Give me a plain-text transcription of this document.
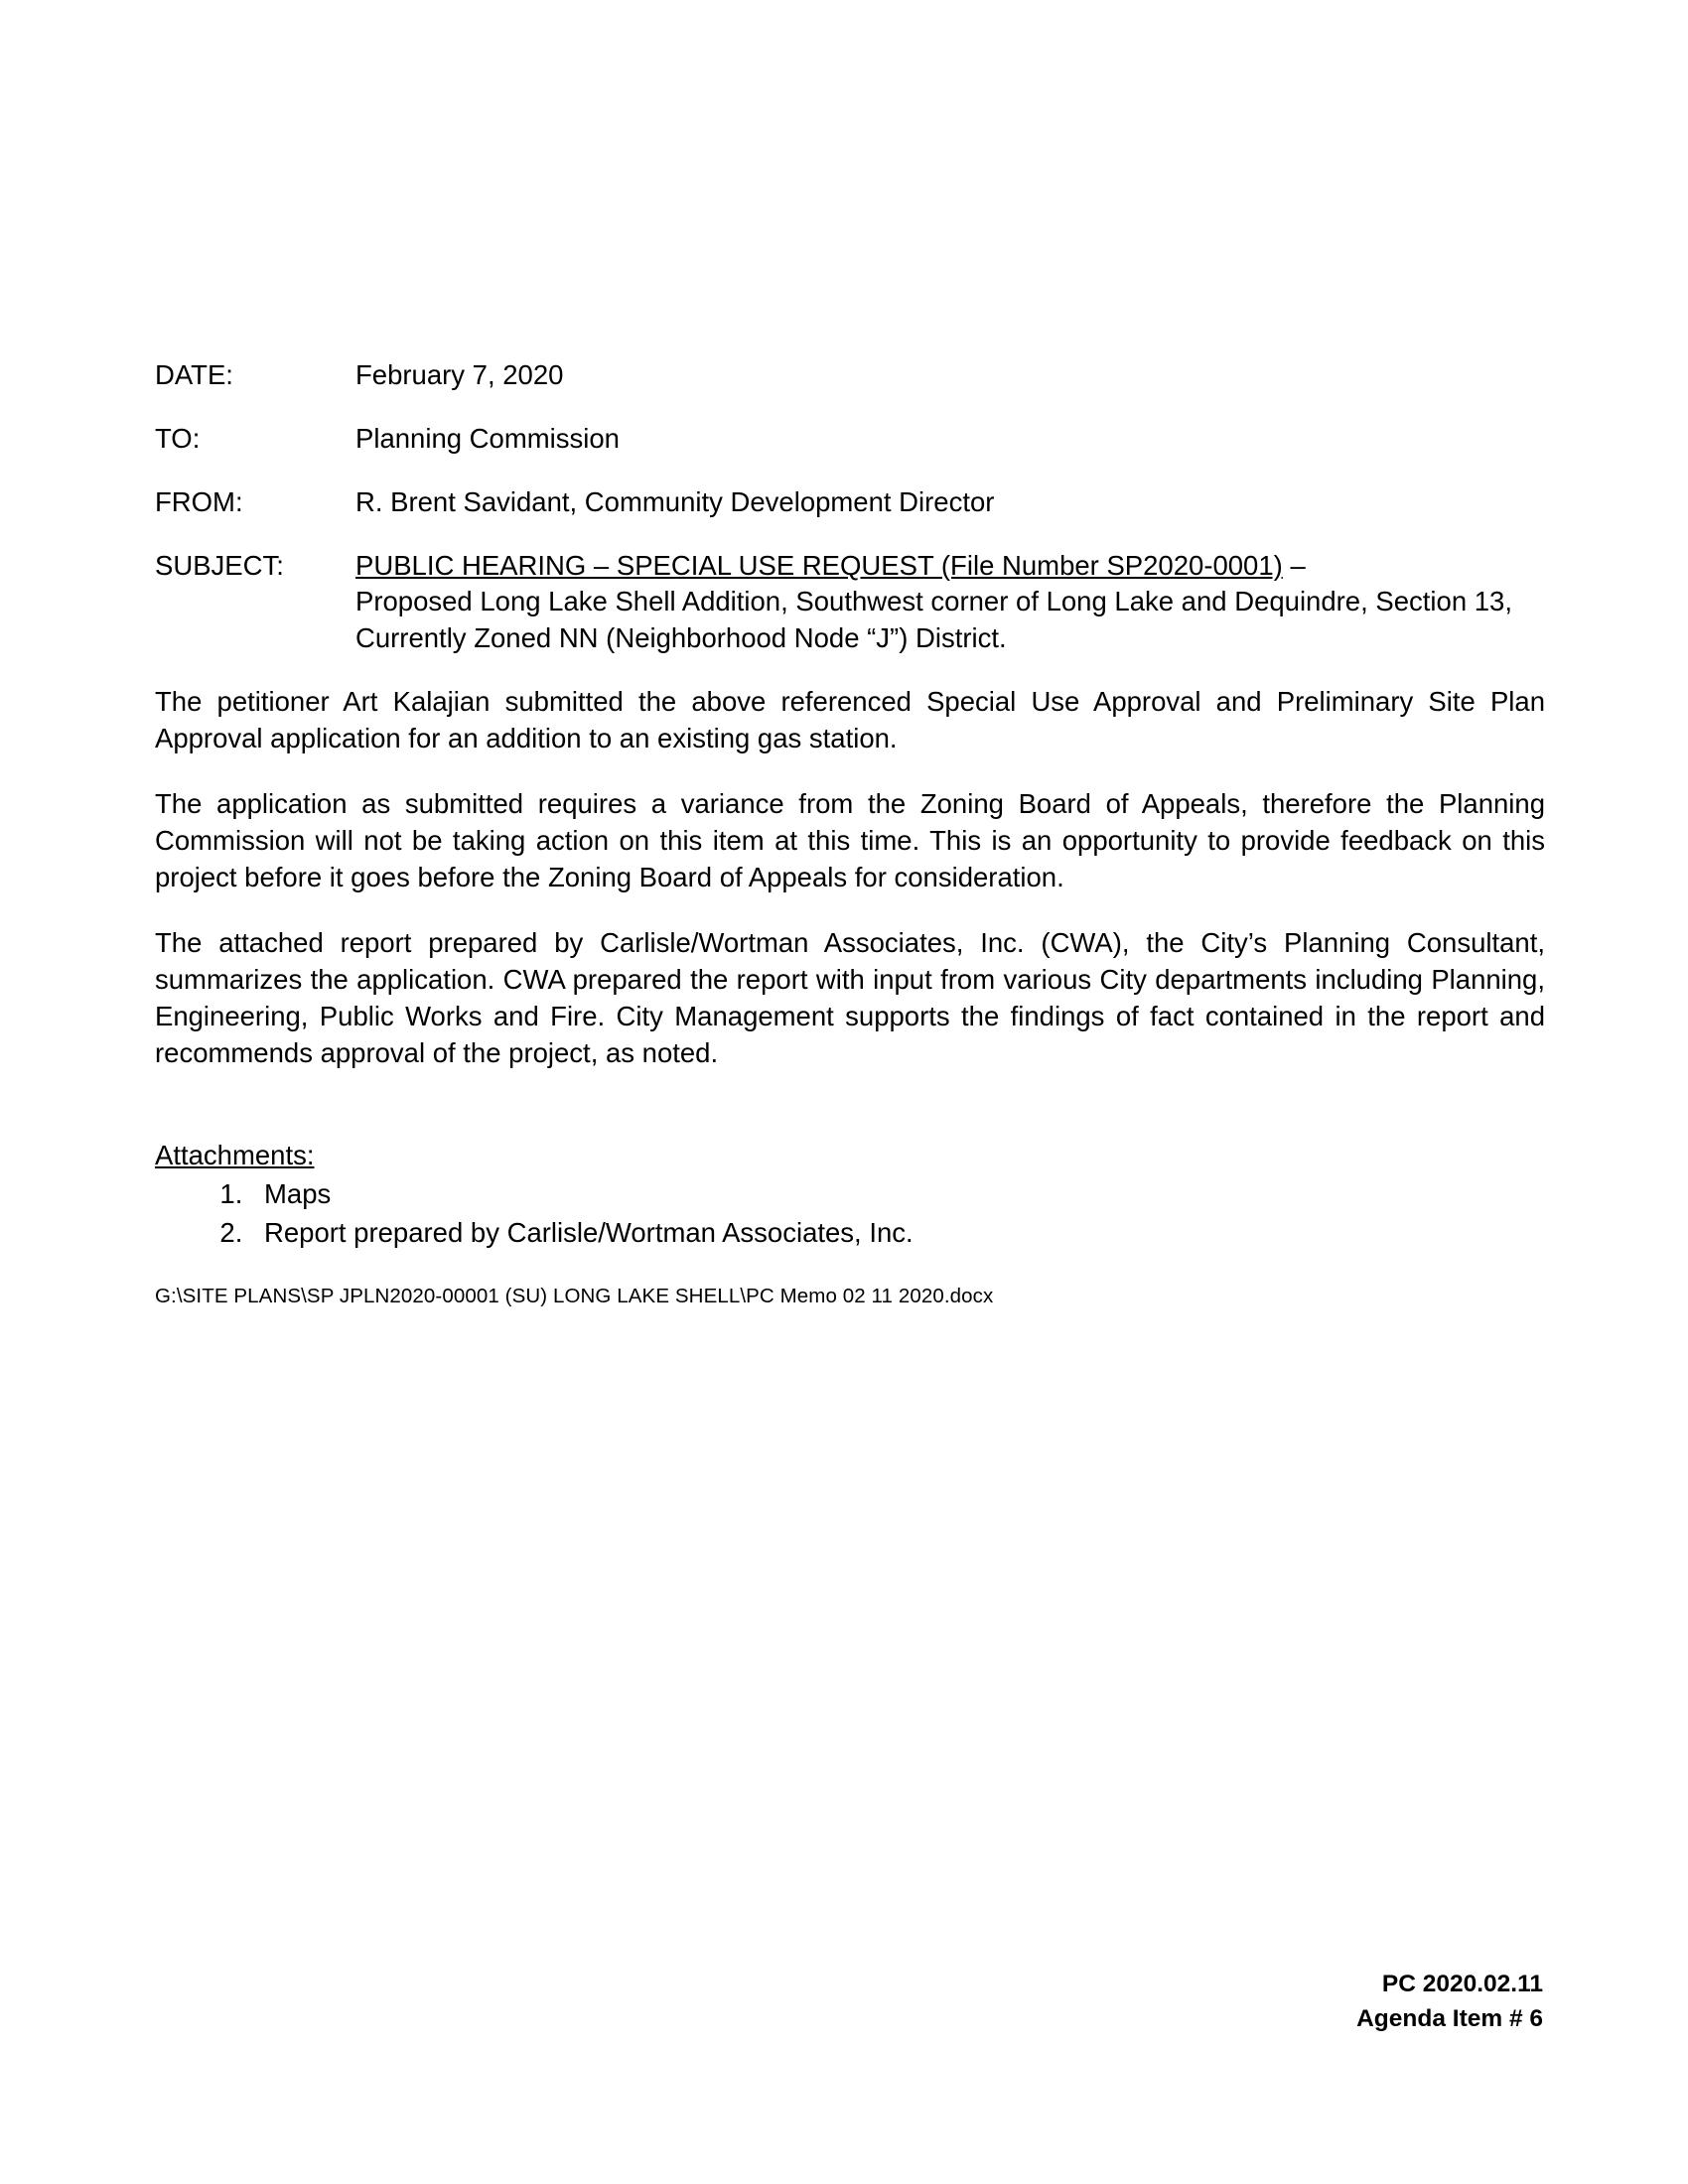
DATE:	February 7, 2020
TO:	Planning Commission
FROM:	R. Brent Savidant, Community Development Director
SUBJECT:	PUBLIC HEARING – SPECIAL USE REQUEST (File Number SP2020-0001) –
Proposed Long Lake Shell Addition, Southwest corner of Long Lake and Dequindre, Section 13, Currently Zoned NN (Neighborhood Node “J”) District.
The petitioner Art Kalajian submitted the above referenced Special Use Approval and Preliminary Site Plan Approval application for an addition to an existing gas station.
The application as submitted requires a variance from the Zoning Board of Appeals, therefore the Planning Commission will not be taking action on this item at this time. This is an opportunity to provide feedback on this project before it goes before the Zoning Board of Appeals for consideration.
The attached report prepared by Carlisle/Wortman Associates, Inc. (CWA), the City’s Planning Consultant, summarizes the application. CWA prepared the report with input from various City departments including Planning, Engineering, Public Works and Fire. City Management supports the findings of fact contained in the report and recommends approval of the project, as noted.
Attachments:
1. Maps
2. Report prepared by Carlisle/Wortman Associates, Inc.
G:\SITE PLANS\SP JPLN2020-00001 (SU) LONG LAKE SHELL\PC Memo 02 11 2020.docx
PC 2020.02.11
Agenda Item # 6
